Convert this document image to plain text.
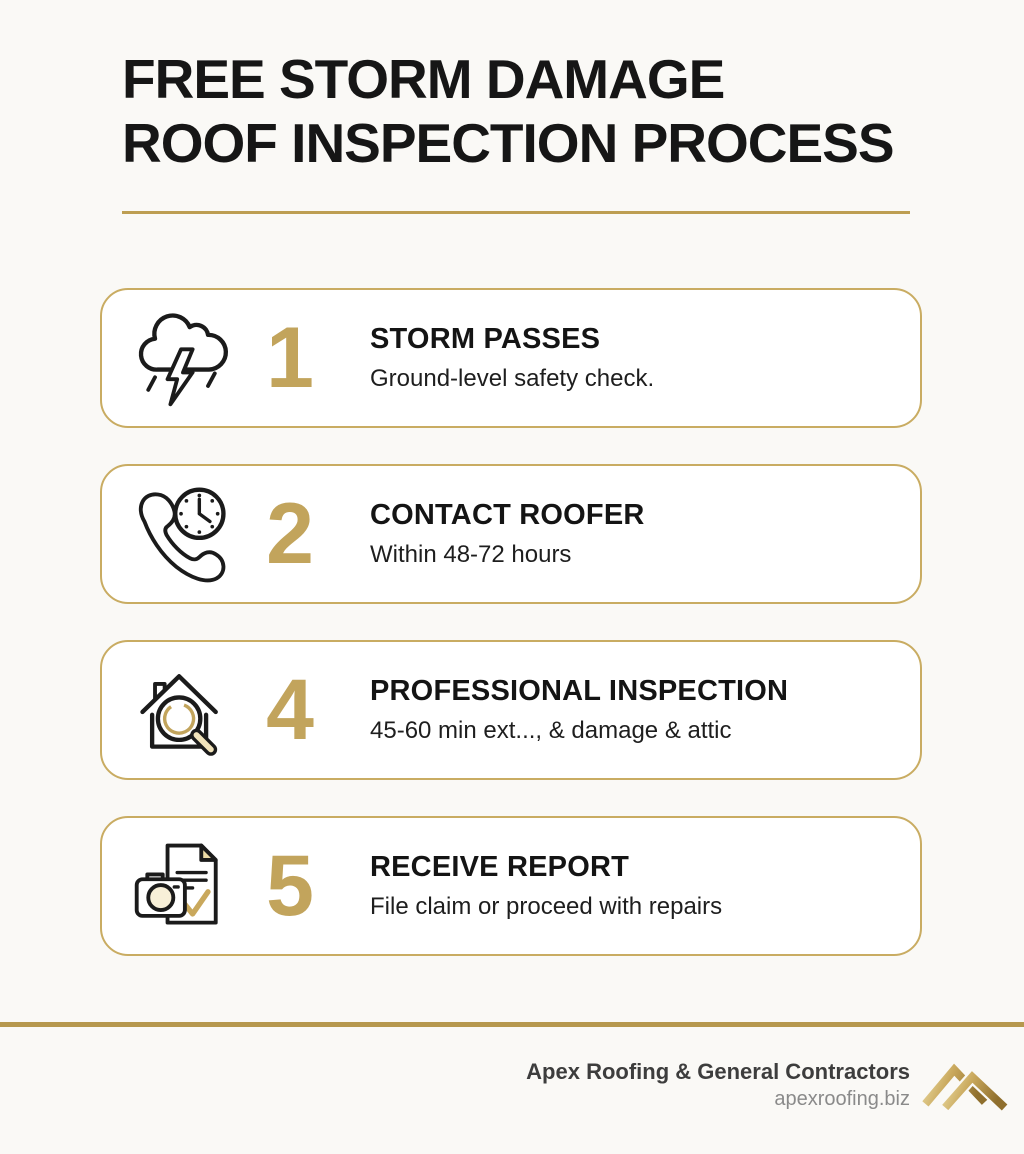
FREE STORM DAMAGE
ROOF INSPECTION PROCESS
1	STORM PASSES
Ground-level safety check.
2	CONTACT ROOFER
Within 48-72 hours
4	PROFESSIONAL INSPECTION
45-60 min ext..., & damage & attic
5	RECEIVE REPORT
File claim or proceed with repairs
Apex Roofing & General Contractors
apexroofing.biz
